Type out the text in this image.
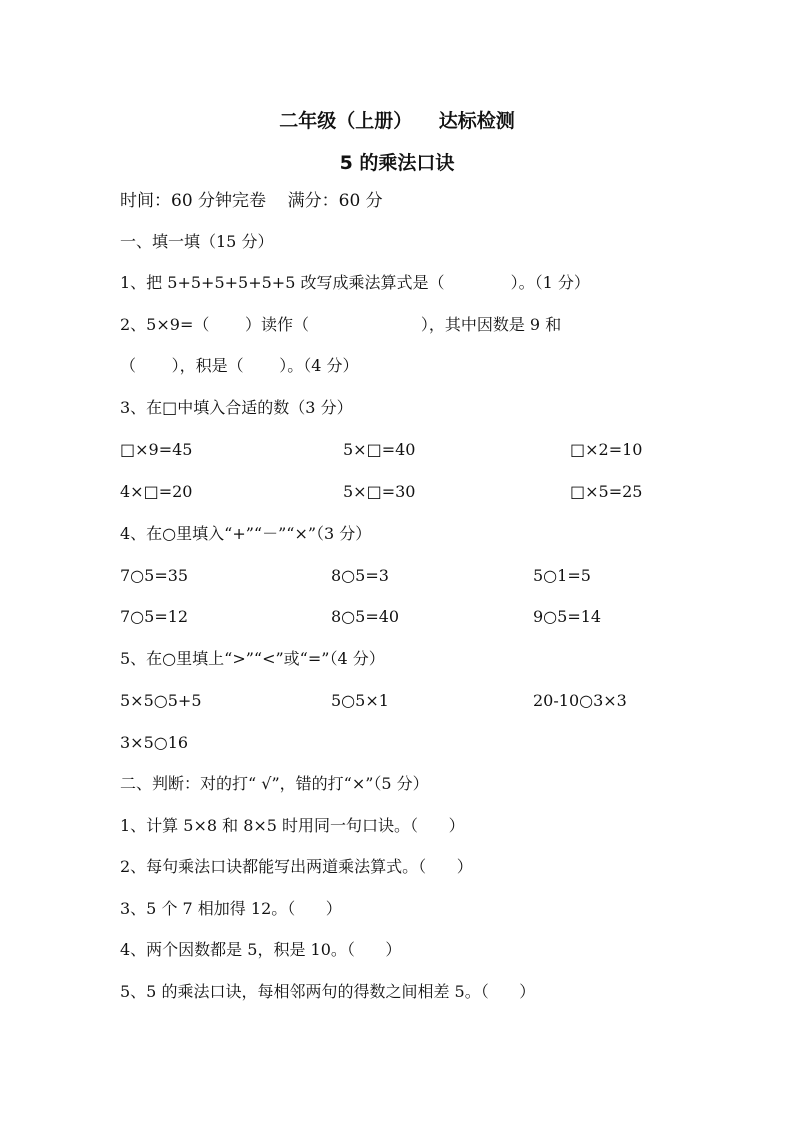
二年级（上册）    达标检测
5 的乘法口诀
时间：60 分钟完卷    满分：60 分
一、填一填（15 分）
1、把 5+5+5+5+5+5 改写成乘法算式是（             ）。（1 分）
2、5×9=（       ）读作（                      ），其中因数是 9 和
（       ），积是（       ）。（4 分）
3、在□中填入合适的数（3 分）
□×9=45	5×□=40	□×2=10
4×□=20	5×□=30	□×5=25
4、在○里填入“+”“－”“×”（3 分）
7○5=35	8○5=3	5○1=5
7○5=12	8○5=40	9○5=14
5、在○里填上“>”“<”或“=”（4 分）
5×5○5+5	5○5×1	20-10○3×3
3×5○16
二、判断：对的打“ √”，错的打“×”（5 分）
1、计算 5×8 和 8×5 时用同一句口诀。（      ）
2、每句乘法口诀都能写出两道乘法算式。（      ）
3、5 个 7 相加得 12。（      ）
4、两个因数都是 5，积是 10。（      ）
5、5 的乘法口诀，每相邻两句的得数之间相差 5。（      ）
